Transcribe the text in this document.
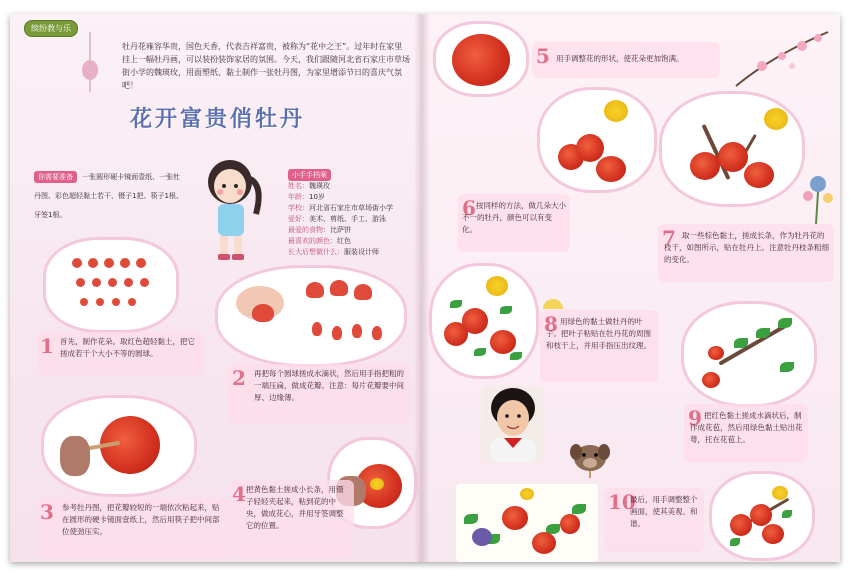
缤纷教与乐
牡丹花雍容华贵，国色天香，代表吉祥富贵，被称为“花中之王”。过年时在家里挂上一幅牡丹画，可以装扮装饰家居的氛围。今天，我们跟随河北省石家庄市草场街小学的魏瑛玫，用面塑纸、黏土制作一张牡丹图，为家里增添节日的喜庆气氛吧！
花开富贵俏牡丹
你需要准备 一张圆形硬卡镜面壹纸、一张牡丹图、彩色超轻黏土若干、镊子1把、筷子1根、牙签1根。
小手手档案
姓名：魏瑛玫
年龄：10岁
学校：河北省石家庄市草场街小学
爱好：美术、剪纸、手工、游泳
最爱的食物：比萨饼
最喜欢的颜色：红色
长大后想做什么：服装设计师
1 首先，制作花朵。取红色超轻黏土，把它搓成若干个大小不等的圆球。
2 再把每个圆球搓成水滴状，然后用手指把粗的一端压扁，做成花瓣。注意：每片花瓣要中间厚、边缘薄。
3 参考牡丹图，把花瓣较短的一端依次粘起来，贴在圆形的硬卡镜面壹纸上，然后用筷子把中间部位使劲压实。
4 把黄色黏土搓成小长条，用镊子轻轻夹起来，粘到花的中央，做成花心，并用牙签调整它的位置。
5 用手调整花的形状，使花朵更加饱满。
6 按同样的方法，做几朵大小不一的牡丹，颜色可以有变化。	7 取一些棕色黏土，搓成长条，作为牡丹花的枝干，如图所示，贴在牡丹上。注意牡丹枝条粗细的变化。
8 用绿色的黏土做牡丹的叶子。把叶子粘贴在牡丹花的周围和枝干上，并用手指压出纹理。
9 把红色黏土搓成水滴状后，制作成花苞，然后用绿色黏土贴出花萼，托在花苞上。
10
最后，用手调整整个画面，使其美观、和谐。
